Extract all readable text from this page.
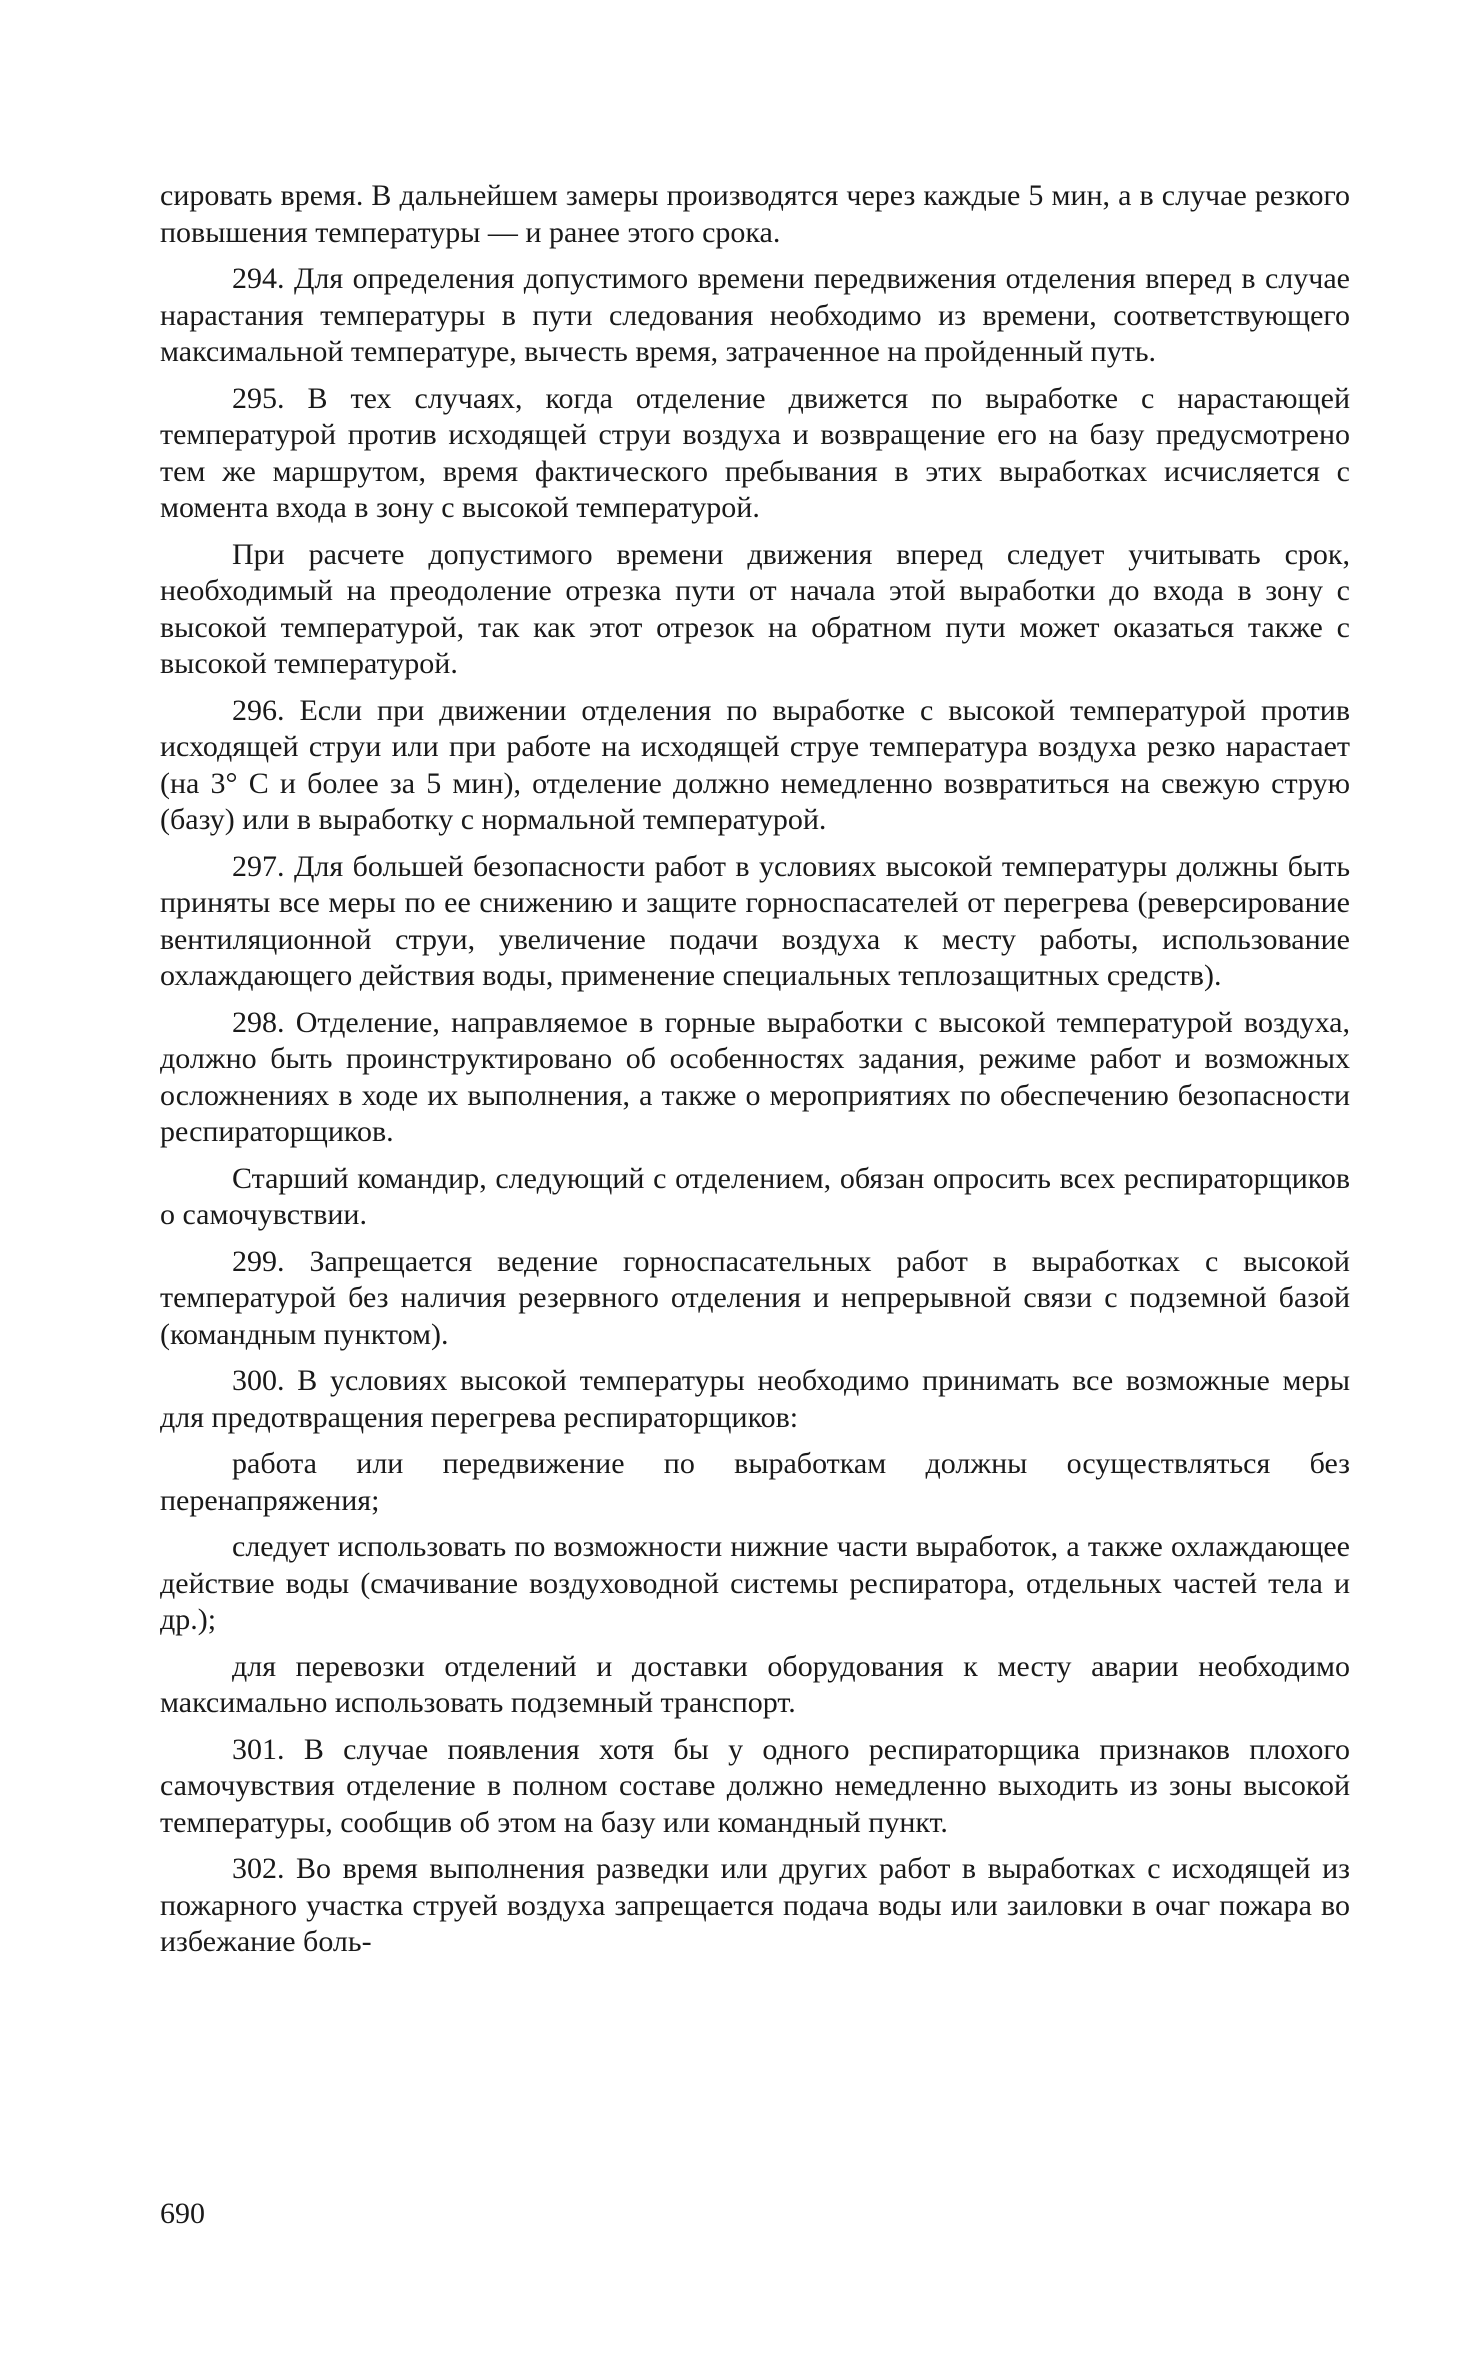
сировать время. В дальнейшем замеры производятся через каждые 5 мин, а в случае резкого повышения температуры — и ранее этого срока.

294. Для определения допустимого времени передвижения отделения вперед в случае нарастания температуры в пути следования необходимо из времени, соответствующего максимальной температуре, вычесть время, затраченное на пройденный путь.

295. В тех случаях, когда отделение движется по выработке с нарастающей температурой против исходящей струи воздуха и возвращение его на базу предусмотрено тем же маршрутом, время фактического пребывания в этих выработках исчисляется с момента входа в зону с высокой температурой.

При расчете допустимого времени движения вперед следует учитывать срок, необходимый на преодоление отрезка пути от начала этой выработки до входа в зону с высокой температурой, так как этот отрезок на обратном пути может оказаться также с высокой температурой.

296. Если при движении отделения по выработке с высокой температурой против исходящей струи или при работе на исходящей струе температура воздуха резко нарастает (на 3° С и более за 5 мин), отделение должно немедленно возвратиться на свежую струю (базу) или в выработку с нормальной температурой.

297. Для большей безопасности работ в условиях высокой температуры должны быть приняты все меры по ее снижению и защите горноспасателей от перегрева (реверсирование вентиляционной струи, увеличение подачи воздуха к месту работы, использование охлаждающего действия воды, применение специальных теплозащитных средств).

298. Отделение, направляемое в горные выработки с высокой температурой воздуха, должно быть проинструктировано об особенностях задания, режиме работ и возможных осложнениях в ходе их выполнения, а также о мероприятиях по обеспечению безопасности респираторщиков.

Старший командир, следующий с отделением, обязан опросить всех респираторщиков о самочувствии.

299. Запрещается ведение горноспасательных работ в выработках с высокой температурой без наличия резервного отделения и непрерывной связи с подземной базой (командным пунктом).

300. В условиях высокой температуры необходимо принимать все возможные меры для предотвращения перегрева респираторщиков:

работа или передвижение по выработкам должны осуществляться без перенапряжения;

следует использовать по возможности нижние части выработок, а также охлаждающее действие воды (смачивание воздуховодной системы респиратора, отдельных частей тела и др.);

для перевозки отделений и доставки оборудования к месту аварии необходимо максимально использовать подземный транспорт.

301. В случае появления хотя бы у одного респираторщика признаков плохого самочувствия отделение в полном составе должно немедленно выходить из зоны высокой температуры, сообщив об этом на базу или командный пункт.

302. Во время выполнения разведки или других работ в выработках с исходящей из пожарного участка струей воздуха запрещается подача воды или заиловки в очаг пожара во избежание боль-

690
